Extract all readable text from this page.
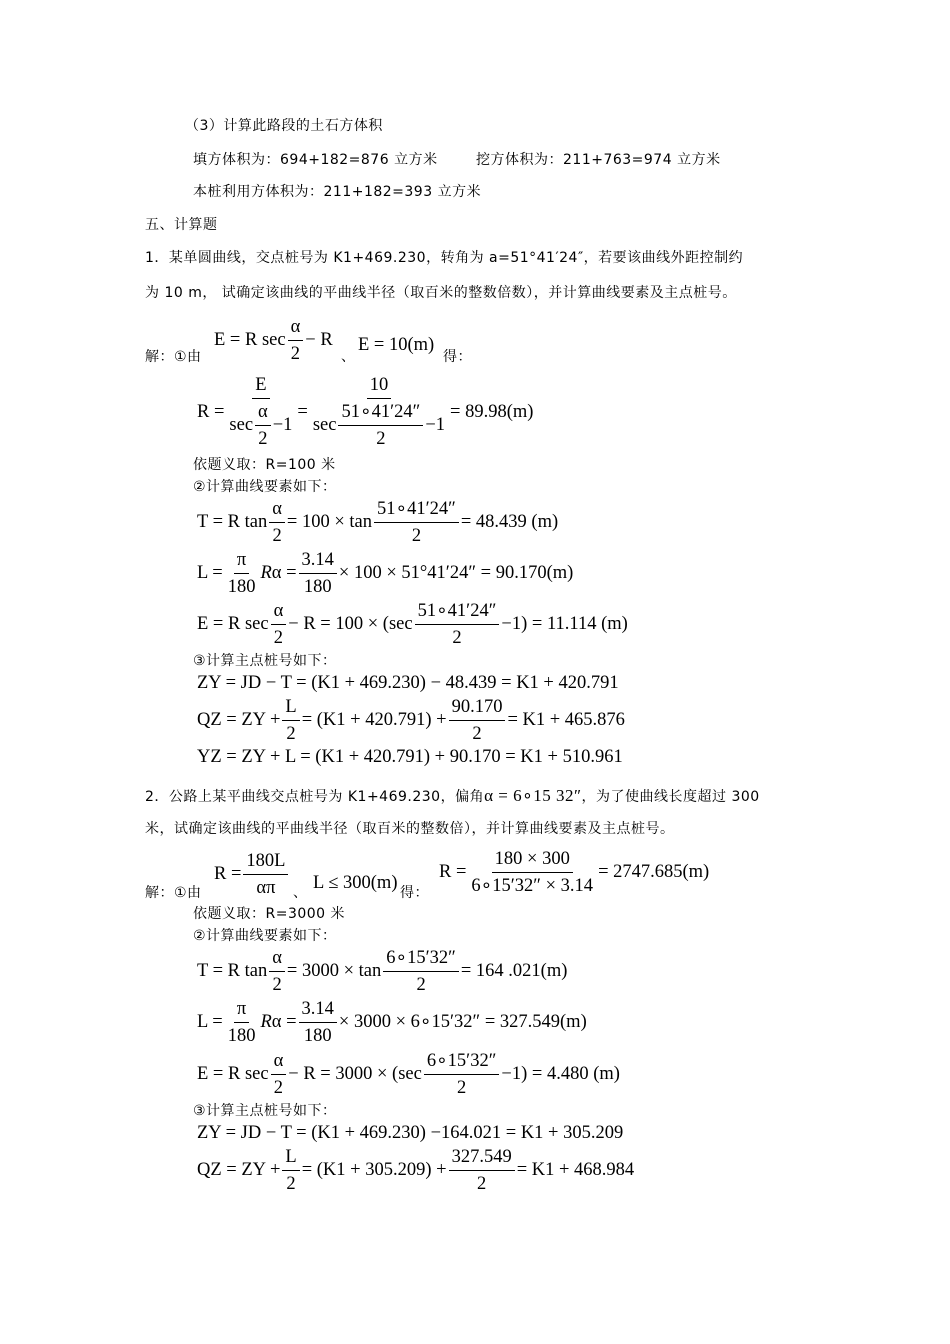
（3）计算此路段的土石方体积
填方体积为：694+182=876 立方米	挖方体积为：211+763=974 立方米
本桩利用方体积为：211+182=393 立方米
五、计算题
1．某单圆曲线，交点桩号为 K1+469.230，转角为 a=51°41′24″，若要该曲线外距控制约
为 10 m， 试确定该曲线的平曲线半径（取百米的整数倍数），并计算曲线要素及主点桩号。
解：①由
E = R $\sec \frac{\alpha}{2} - R$
、
E = 10(m)
得：
$R = \frac{E}{\sec \frac{\alpha}{2} -1} = \frac{10}{\sec \frac{51\circ 41'24''}{2} -1} = 89.98(m)$
依题义取：R=100 米
②计算曲线要素如下：
T = R $\tan \frac{\alpha}{2} = 100 \times \tan \frac{51\circ 41'24''}{2} = 48.439$ (m)
$L = \frac{\pi}{180}$ $R\alpha = \frac{3.14}{180} \times 100 \times 51^\circ 41'24'' = 90.170(m)$
E = R $\sec \frac{\alpha}{2} - R = 100 \times (\sec \frac{51\circ 41'24''}{2} -1) = 11.114$ (m)
③计算主点桩号如下：
ZY = JD − T = (K1 + 469.230) − 48.439 = K1 + 420.791
QZ = ZY + $\frac{L}{2} = (K1 + 420.791) + \frac{90.170}{2} = K1 + 465.876$
YZ = ZY + L = (K1 + 420.791) + 90.170 = K1 + 510.961
2．公路上某平曲线交点桩号为 K1+469.230，偏角α = 6∘15 32″，为了使曲线长度超过 300
米，试确定该曲线的平曲线半径（取百米的整数倍），并计算曲线要素及主点桩号。
解：①由
$R = \frac{180L}{\alpha\pi}$ 、 L ≤ 300(m) 得：
$R = \frac{180 \times 300}{6\circ 15'32'' \times 3.14} = 2747.685(m)$
依题义取：R=3000 米
②计算曲线要素如下：
T = R $\tan \frac{\alpha}{2} = 3000 \times \tan \frac{6\circ 15'32''}{2} = 164$ .021(m)
$L = \frac{\pi}{180}$ $R\alpha = \frac{3.14}{180} \times 3000$ × 6∘15′32″ = 327.549(m)
E = R $\sec \frac{\alpha}{2} - R = 3000 \times (\sec \frac{6\circ 15'32''}{2} -1) = 4.480$ (m)
③计算主点桩号如下：
ZY = JD − T = (K1 + 469.230) −164.021 = K1 + 305.209
QZ = ZY + $\frac{L}{2} = (K1 + 305.209) + \frac{327.549}{2} = K1 + 468.984$
